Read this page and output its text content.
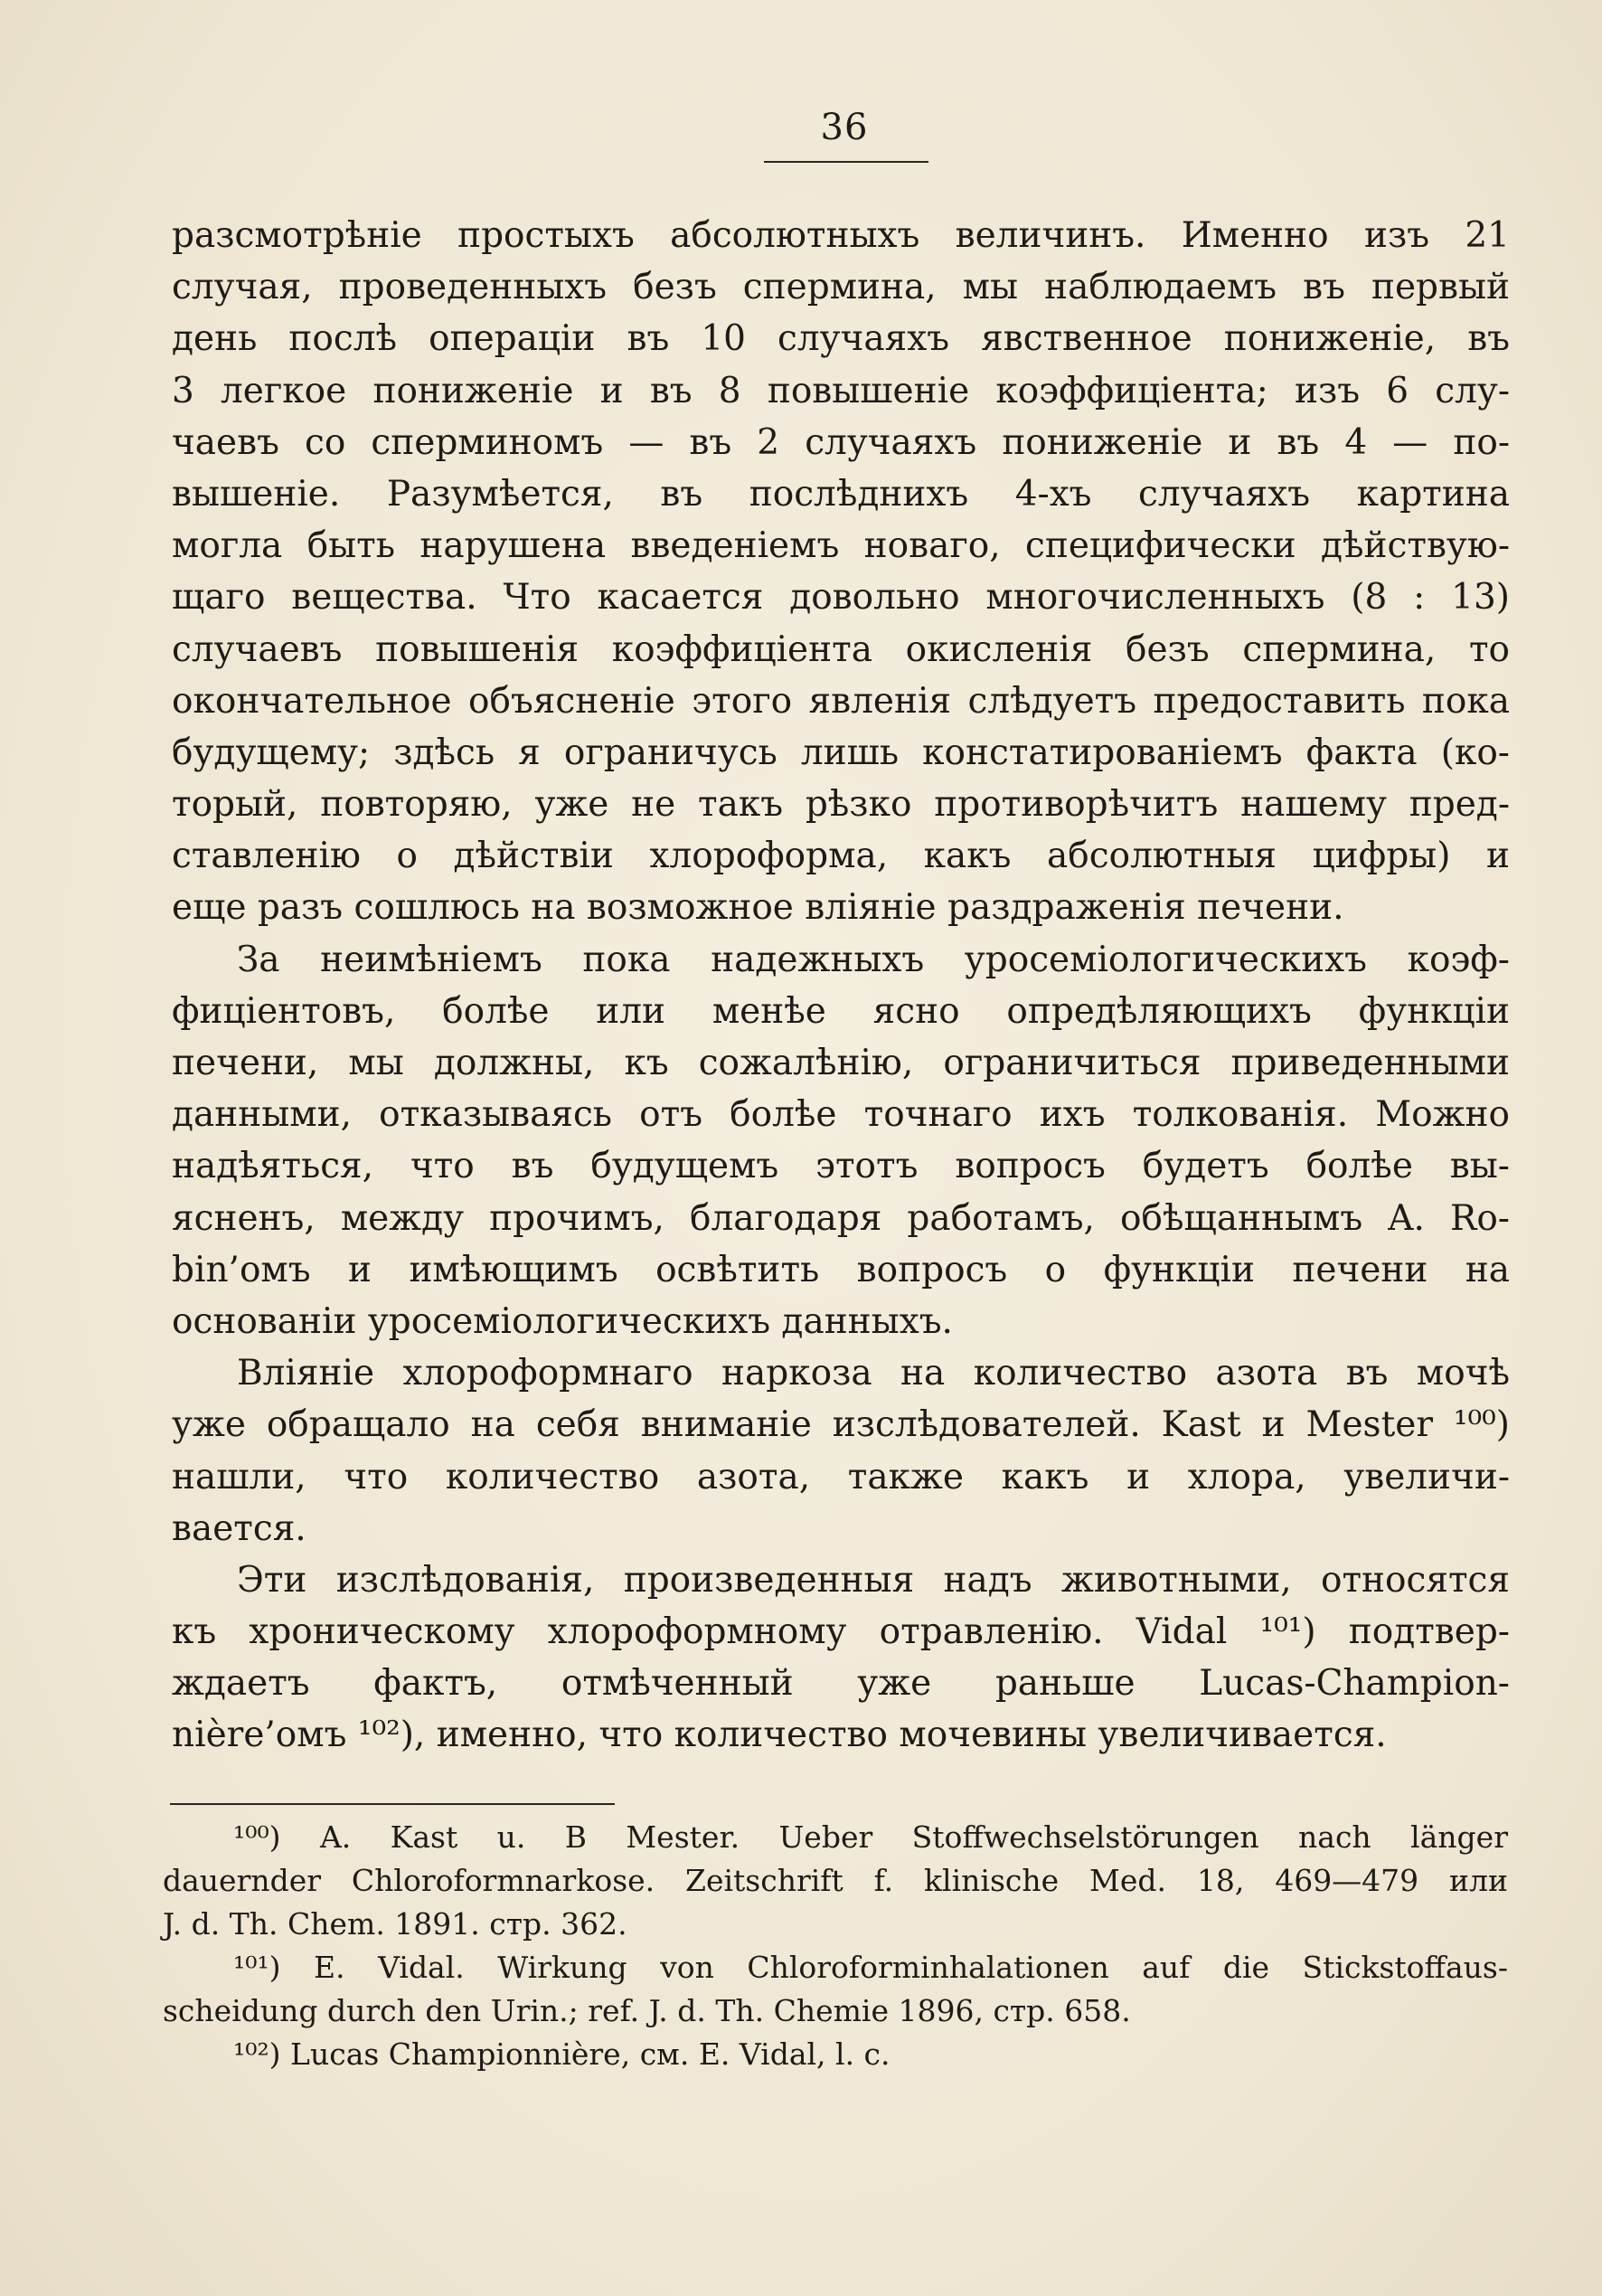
36
разсмотрѣніе простыхъ абсолютныхъ величинъ. Именно изъ 21
случая, проведенныхъ безъ спермина, мы наблюдаемъ въ первый
день послѣ операціи въ 10 случаяхъ явственное пониженіе, въ
3 легкое пониженіе и въ 8 повышеніе коэффиціента; изъ 6 слу-
чаевъ со сперминомъ — въ 2 случаяхъ пониженіе и въ 4 — по-
вышеніе. Разумѣется, въ послѣднихъ 4-хъ случаяхъ картина
могла быть нарушена введеніемъ новаго, специфически дѣйствую-
щаго вещества. Что касается довольно многочисленныхъ (8 : 13)
случаевъ повышенія коэффиціента окисленія безъ спермина, то
окончательное объясненіе этого явленія слѣдуетъ предоставить пока
будущему; здѣсь я ограничусь лишь констатированіемъ факта (ко-
торый, повторяю, уже не такъ рѣзко противорѣчитъ нашему пред-
ставленію о дѣйствіи хлороформа, какъ абсолютныя цифры) и
еще разъ сошлюсь на возможное вліяніе раздраженія печени.
За неимѣніемъ пока надежныхъ уросеміологическихъ коэф-
фиціентовъ, болѣе или менѣе ясно опредѣляющихъ функціи
печени, мы должны, къ сожалѣнію, ограничиться приведенными
данными, отказываясь отъ болѣе точнаго ихъ толкованія. Можно
надѣяться, что въ будущемъ этотъ вопросъ будетъ болѣе вы-
ясненъ, между прочимъ, благодаря работамъ, обѣщаннымъ A. Ro-
bin’омъ и имѣющимъ освѣтить вопросъ о функціи печени на
основаніи уросеміологическихъ данныхъ.
Вліяніе хлороформнаго наркоза на количество азота въ мочѣ
уже обращало на себя вниманіе изслѣдователей. Kast и Mester ¹⁰⁰)
нашли, что количество азота, также какъ и хлора, увеличи-
вается.
Эти изслѣдованія, произведенныя надъ животными, относятся
къ хроническому хлороформному отравленію. Vidal ¹⁰¹) подтвер-
ждаетъ фактъ, отмѣченный уже раньше Lucas-Champion-
nière’омъ ¹⁰²), именно, что количество мочевины увеличивается.
¹⁰⁰) A. Kast u. B Mester. Ueber Stoffwechselstörungen nach länger
dauernder Chloroformnarkose. Zeitschrift f. klinische Med. 18, 469—479 или
J. d. Th. Chem. 1891. стр. 362.
¹⁰¹) E. Vidal. Wirkung von Chloroforminhalationen auf die Stickstoffaus-
scheidung durch den Urin.; ref. J. d. Th. Chemie 1896, стр. 658.
¹⁰²) Lucas Championnière, см. E. Vidal, l. c.
